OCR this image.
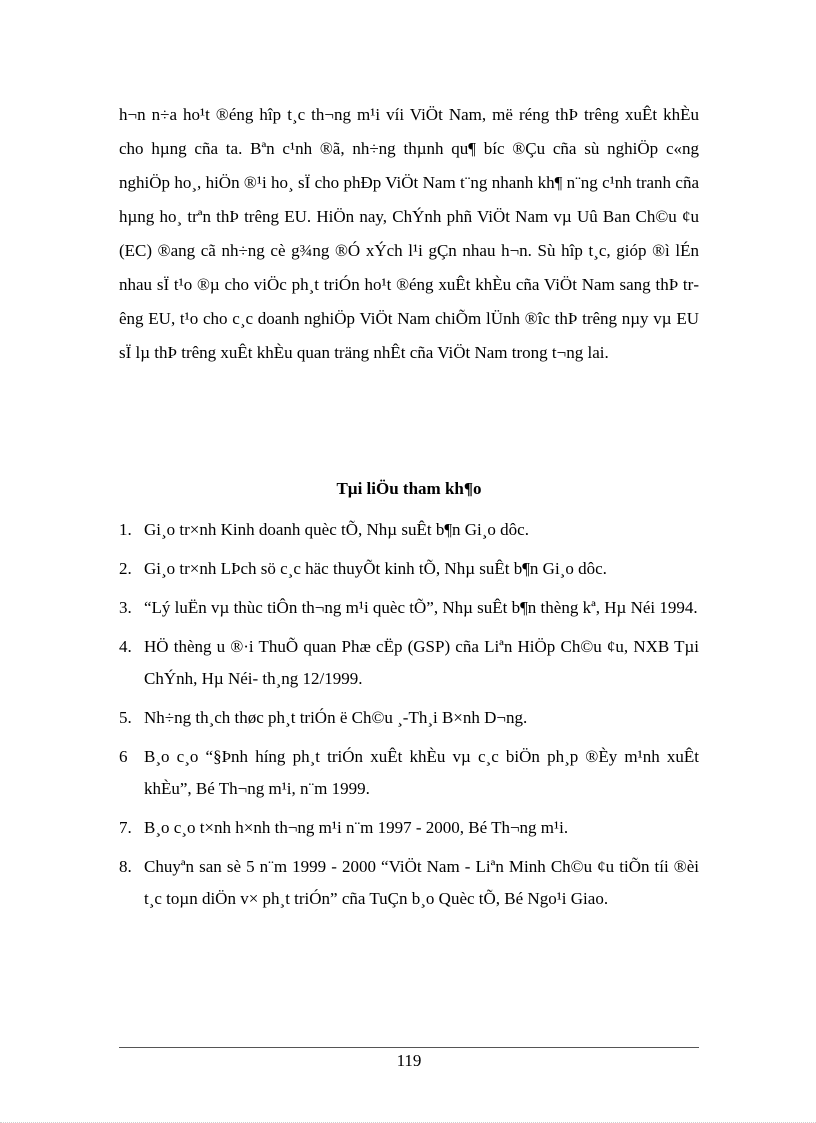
h¬n n÷a ho¹t ®éng hîp t¸c th¬ng m¹i víi ViÖt Nam, më réng thÞ trêng xuÊt khÈu cho hµng cña ta. Bªn c¹nh ®ã, nh÷ng thµnh qu¶ bíc ®Çu cña sù nghiÖp c«ng nghiÖp ho¸, hiÖn ®¹i ho¸ sÏ cho phÐp ViÖt Nam t¨ng nhanh kh¶ n¨ng c¹nh tranh cña hµng ho¸ trªn thÞ trêng EU. HiÖn nay, ChÝnh phñ ViÖt Nam vµ Uû Ban Ch©u ¢u (EC) ®ang cã nh÷ng cè g¾ng ®Ó xÝch l¹i gÇn nhau h¬n. Sù hîp t¸c, gióp ®ì lÉn nhau sÏ t¹o ®µ cho viÖc ph¸t triÓn ho¹t ®éng xuÊt khÈu cña ViÖt Nam sang thÞ trêng EU, t¹o cho c¸c doanh nghiÖp ViÖt Nam chiÕm lÜnh ®îc thÞ trêng nµy vµ EU sÏ lµ thÞ trêng xuÊt khÈu quan träng nhÊt cña ViÖt Nam trong t¬ng lai.

Tµi liÖu tham kh¶o
1. Gi¸o tr×nh Kinh doanh quèc tÕ, Nhµ suÊt b¶n Gi¸o dôc.
2. Gi¸o tr×nh LÞch sö c¸c häc thuyÕt kinh tÕ, Nhµ suÊt b¶n Gi¸o dôc.
3. “Lý luËn vµ thùc tiÔn th¬ng m¹i quèc tÕ”, Nhµ suÊt b¶n thèng kª, Hµ Néi 1994.
4. HÖ thèng u ®·i ThuÕ quan Phæ cËp (GSP) cña Liªn HiÖp Ch©u ¢u, NXB Tµi ChÝnh, Hµ Néi- th¸ng 12/1999.
5. Nh÷ng th¸ch thøc ph¸t triÓn ë Ch©u ¸-Th¸i B×nh D¬ng.
6 B¸o c¸o “§Þnh híng ph¸t triÓn xuÊt khÈu vµ c¸c biÖn ph¸p ®Èy m¹nh xuÊt khÈu”, Bé Th¬ng m¹i, n¨m 1999.
7. B¸o c¸o t×nh h×nh th¬ng m¹i n¨m 1997 - 2000, Bé Th¬ng m¹i.
8. Chuyªn san sè 5 n¨m 1999 - 2000 “ViÖt Nam - Liªn Minh Ch©u ¢u tiÕn tíi ®èi t¸c toµn diÖn v× ph¸t triÓn” cña TuÇn b¸o Quèc tÕ, Bé Ngo¹i Giao.
119
